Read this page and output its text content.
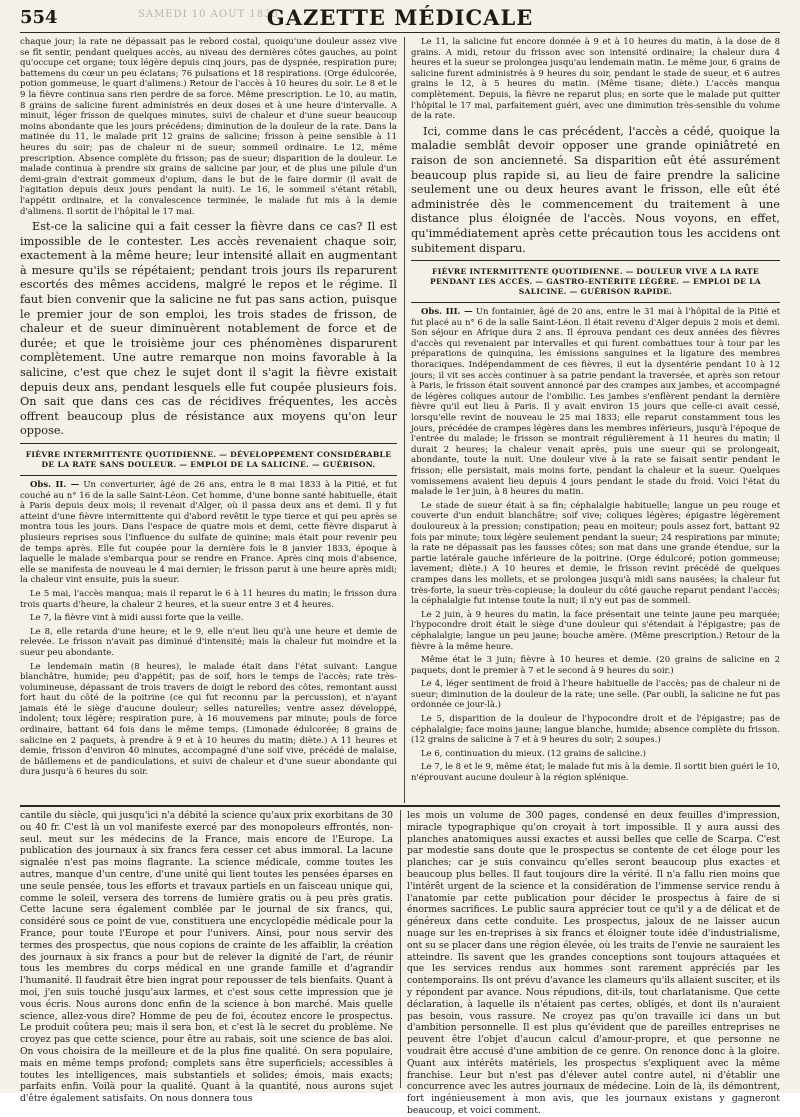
554	SAMEDI 10 AOUT 1833
GAZETTE MÉDICALE

chaque jour; la rate ne dépassait pas le rebord costal, quoiqu'une douleur assez vive se fît sentir, pendant quelques accès, au niveau des dernières côtes gauches, au point qu'occupe cet organe; toux légère depuis cinq jours, pas de dyspnée, respiration pure; battemens du cœur un peu éclatans; 76 pulsations et 18 respirations. (Orge édulcorée, potion gommeuse, le quart d'alimens.) Retour de l'accès à 10 heures du soir. Le 8 et le 9 la fièvre continua sans rien perdre de sa force. Même prescription. Le 10, au matin, 8 grains de salicine furent administrés en deux doses et à une heure d'intervalle. A minuit, léger frisson de quelques minutes, suivi de chaleur et d'une sueur beaucoup moins abondante que les jours précédens; diminution de la douleur de la rate. Dans la matinée du 11, le malade prit 12 grains de salicine; frisson à peine sensible à 11 heures du soir; pas de chaleur ni de sueur; sommeil ordinaire. Le 12, même prescription. Absence complète du frisson; pas de sueur; disparition de la douleur. Le malade continua à prendre six grains de salicine par jour, et de plus une pilule d'un demi-grain d'extrait gommeux d'opium, dans le but de le faire dormir (il avait de l'agitation depuis deux jours pendant la nuit). Le 16, le sommeil s'étant rétabli, l'appétit ordinaire, et la convalescence terminée, le malade fut mis à la demie d'alimens. Il sortit de l'hôpital le 17 mai.

Est-ce la salicine qui a fait cesser la fièvre dans ce cas? Il est impossible de le contester. Les accès revenaient chaque soir, exactement à la même heure; leur intensité allait en augmentant à mesure qu'ils se répétaient; pendant trois jours ils reparurent escortés des mêmes accidens, malgré le repos et le régime. Il faut bien convenir que la salicine ne fut pas sans action, puisque le premier jour de son emploi, les trois stades de frisson, de chaleur et de sueur diminuèrent notablement de force et de durée; et que le troisième jour ces phénomènes disparurent complètement. Une autre remarque non moins favorable à la salicine, c'est que chez le sujet dont il s'agit la fièvre existait depuis deux ans, pendant lesquels elle fut coupée plusieurs fois. On sait que dans ces cas de récidives fréquentes, les accès offrent beaucoup plus de résistance aux moyens qu'on leur oppose.

FIÈVRE INTERMITTENTE QUOTIDIENNE. — DÉVELOPPEMENT CONSIDÉRABLE DE LA RATE SANS DOULEUR. — EMPLOI DE LA SALICINE. — GUÉRISON.

Obs. II. — Un converturier, âgé de 26 ans, entra le 8 mai 1833 à la Pitié, et fut couché au n° 16 de la salle Saint-Léon. Cet homme, d'une bonne santé habituelle, était à Paris depuis deux mois; il revenait d'Alger, où il passa deux ans et demi. Il y fut atteint d'une fièvre intermittente qui d'abord revêtit le type tierce et qui peu après se montra tous les jours. Dans l'espace de quatre mois et demi, cette fièvre disparut à plusieurs reprises sous l'influence du sulfate de quinine; mais était pour revenir peu de temps après. Elle fut coupée pour la dernière fois le 8 janvier 1833, époque à laquelle le malade s'embarqua pour se rendre en France. Après cinq mois d'absence, elle se manifesta de nouveau le 4 mai dernier; le frisson parut à une heure après midi; la chaleur vint ensuite, puis la sueur.

Le 5 mai, l'accès manqua; mais il reparut le 6 à 11 heures du matin; le frisson dura trois quarts d'heure, la chaleur 2 heures, et la sueur entre 3 et 4 heures.

Le 7, la fièvre vint à midi aussi forte que la veille.

Le 8, elle retarda d'une heure; et le 9, elle n'eut lieu qu'à une heure et demie de relevée. Le frisson n'avait pas diminué d'intensité; mais la chaleur fut moindre et la sueur peu abondante.

Le lendemain matin (8 heures), le malade était dans l'état suivant: Langue blanchâtre, humide; peu d'appétit; pas de soif, hors le temps de l'accès; rate très-volumineuse, dépassant de trois travers de doigt le rebord des côtes, remontant aussi fort haut du côté de la poitrine (ce qui fut reconnu par la percussion), et n'ayant jamais été le siège d'aucune douleur; selles naturelles; ventre assez développé, indolent; toux légère; respiration pure, à 16 mouvemens par minute; pouls de force ordinaire, battant 64 fois dans le même temps. (Limonade édulcorée; 8 grains de salicine en 2 paquets, à prendre à 9 et à 10 heures du matin; diète.) A 11 heures et demie, frisson d'environ 40 minutes, accompagné d'une soif vive, précédé de malaise, de bâillemens et de pandiculations, et suivi de chaleur et d'une sueur abondante qui dura jusqu'à 6 heures du soir.

Le 11, la salicine fut encore donnée à 9 et à 10 heures du matin, à la dose de 8 grains. A midi, retour du frisson avec son intensité ordinaire; la chaleur dura 4 heures et la sueur se prolongea jusqu'au lendemain matin. Le même jour, 6 grains de salicine furent administrés à 9 heures du soir, pendant le stade de sueur, et 6 autres grains le 12, à 5 heures du matin. (Même tisane; diète.) L'accès manqua complètement. Depuis, la fièvre ne reparut plus; en sorte que le malade put quitter l'hôpital le 17 mai, parfaitement guéri, avec une diminution très-sensible du volume de la rate.

Ici, comme dans le cas précédent, l'accès a cédé, quoique la maladie semblât devoir opposer une grande opiniâtreté en raison de son ancienneté. Sa disparition eût été assurément beaucoup plus rapide si, au lieu de faire prendre la salicine seulement une ou deux heures avant le frisson, elle eût été administrée dès le commencement du traitement à une distance plus éloignée de l'accès. Nous voyons, en effet, qu'immédiatement après cette précaution tous les accidens ont subitement disparu.

FIÈVRE INTERMITTENTE QUOTIDIENNE. — DOULEUR VIVE A LA RATE PENDANT LES ACCÈS. — GASTRO-ENTÉRITE LÉGÈRE. — EMPLOI DE LA SALICINE. — GUÉRISON RAPIDE.

Obs. III. — Un fontainier, âgé de 20 ans, entre le 31 mai à l'hôpital de la Pitié et fut placé au n° 6 de la salle Saint-Léon. Il était revenu d'Alger depuis 2 mois et demi. Son séjour en Afrique dura 2 ans. Il éprouva pendant ces deux années des fièvres d'accès qui revenaient par intervalles et qui furent combattues tour à tour par les préparations de quinquina, les émissions sanguines et la ligature des membres thoraciques. Indépendamment de ces fièvres, il eut la dysentérie pendant 10 à 12 jours; il vit ses accès continuer à sa patrie pendant la traversée, et après son retour à Paris, le frisson était souvent annoncé par des crampes aux jambes, et accompagné de légères coliques autour de l'ombilic. Les jambes s'enflèrent pendant la dernière fièvre qu'il eut lieu à Paris. Il y avait environ 15 jours que celle-ci avait cessé, lorsqu'elle revint de nouveau le 25 mai 1833; elle reparut constamment tous les jours, précédée de crampes légères dans les membres inférieurs, jusqu'à l'époque de l'entrée du malade; le frisson se montrait régulièrement à 11 heures du matin; il durait 2 heures; la chaleur venait après, puis une sueur qui se prolongeait, abondante, toute la nuit. Une douleur vive à la rate se faisait sentir pendant le frisson; elle persistait, mais moins forte, pendant la chaleur et la sueur. Quelques vomissemens avaient lieu depuis 4 jours pendant le stade du froid. Voici l'état du malade le 1er juin, à 8 heures du matin.

Le stade de sueur était à sa fin; céphalalgie habituelle; langue un peu rouge et couverte d'un enduit blanchâtre; soif vive; coliques légères; épigastre légèrement douloureux à la pression; constipation; peau en moiteur; pouls assez fort, battant 92 fois par minute; toux légère seulement pendant la sueur; 24 respirations par minute; la rate ne dépassait pas les fausses côtes; son mat dans une grande étendue, sur la partie latérale gauche inférieure de la poitrine. (Orge édulcoré; potion gommeuse; lavement; diète.) A 10 heures et demie, le frisson revint précédé de quelques crampes dans les mollets, et se prolongea jusqu'à midi sans nausées; la chaleur fut très-forte, la sueur très-copieuse; la douleur du côté gauche reparut pendant l'accès; la céphalalgie fut intense toute la nuit; il n'y eut pas de sommeil.

Le 2 juin, à 9 heures du matin, la face présentait une teinte jaune peu marquée; l'hypocondre droit était le siège d'une douleur qui s'étendait à l'épigastre; pas de céphalalgie; langue un peu jaune; bouche amère. (Même prescription.) Retour de la fièvre à la même heure.

Même état le 3 juin; fièvre à 10 heures et demie. (20 grains de salicine en 2 paquets, dont le premier à 7 et le second à 9 heures du soir.)

Le 4, léger sentiment de froid à l'heure habituelle de l'accès; pas de chaleur ni de sueur; diminution de la douleur de la rate; une selle. (Par oubli, la salicine ne fut pas ordonnée ce jour-là.)

Le 5, disparition de la douleur de l'hypocondre droit et de l'épigastre; pas de céphalalgie; face moins jaune; langue blanche, humide; absence complète du frisson. (12 grains de salicine à 7 et à 9 heures du soir; 2 soupes.)

Le 6, continuation du mieux. (12 grains de salicine.)

Le 7, le 8 et le 9, même état; le malade fut mis à la demie. Il sortit bien guéri le 10, n'éprouvant aucune douleur à la région splénique.

cantile du siècle, qui jusqu'ici n'a débité la science qu'aux prix exorbitans de 30 ou 40 fr. C'est là un vol manifeste exercé par des monopoleurs effrontés, non-seul. meut sur les médecins de la France, mais encore de l'Europe. La publication des journaux à six francs fera cesser cet abus immoral. La lacune signalée n'est pas moins flagrante. La science médicale, comme toutes les autres, manque d'un centre, d'une unité qui lient toutes les pensées éparses en une seule pensée, tous les efforts et travaux partiels en un faisceau unique qui, comme le soleil, versera des torrens de lumière gratis ou à peu près gratis. Cette lacune sera également comblée par le journal de six francs, qui, considéré sous ce point de vue, constituera une encyclopédie médicale pour la France, pour toute l'Europe et pour l'univers. Ainsi, pour nous servir des termes des prospectus, que nous copions de crainte de les affaiblir, la création des journaux à six francs a pour but de relever la dignité de l'art, de réunir tous les membres du corps médical en une grande famille et d'agrandir l'humanité. Il faudrait être bien ingrat pour repousser de tels bienfaits. Quant à moi, j'en suis touché jusqu'aux larmes, et c'est sous cette impression que je vous écris. Nous aurons donc enfin de la science à bon marché. Mais quelle science, allez-vous dire? Homme de peu de foi, écoutez encore le prospectus. Le produit coûtera peu; mais il sera bon, et c'est là le secret du problème. Ne croyez pas que cette science, pour être au rabais, soit une science de bas aloi. On vous choisira de la meilleure et de la plus fine qualité. On sera populaire, mais en même temps profond; complets sans être superficiels; accessibles à toutes les intelligences, mais substantiels et solides; émois, mais exacts; parfaits enfin. Voilà pour la qualité. Quant à la quantité, nous aurons sujet d'être également satisfaits. On nous donnera tous

les mois un volume de 300 pages, condensé en deux feuilles d'impression, miracle typographique qu'on croyait à tort impossible. Il y aura aussi des planches anatomiques aussi exactes et aussi belles que celle de Scarpa. C'est par modestie sans doute que le prospectus se contente de cet éloge pour les planches; car je suis convaincu qu'elles seront beaucoup plus exactes et beaucoup plus belles. Il faut toujours dire la vérité. Il n'a fallu rien moins que l'intérêt urgent de la science et la considération de l'immense service rendu à l'anatomie par cette publication pour décider le prospectus à faire de si énormes sacrifices. Le public saura apprécier tout ce qu'il y a de délicat et de généreux dans cette conduite. Les prospectus, jaloux de ne laisser aucun nuage sur les en-treprises à six francs et éloigner toute idée d'industrialisme, ont su se placer dans une région élevée, où les traits de l'envie ne sauraient les atteindre. Ils savent que les grandes conceptions sont toujours attaquées et que les services rendus aux hommes sont rarement appréciés par les contemporains. Ils ont prévu d'avance les clameurs qu'ils allaient susciter, et ils y répondent par avance. Nous répudions, dit-ils, tout charlatanisme. Que cette déclaration, à laquelle ils n'étaient pas certes, obligés, et dont ils n'auraient pas besoin, vous rassure. Ne croyez pas qu'on travaille ici dans un but d'ambition personnelle. Il est plus qu'évident que de pareilles entreprises ne peuvent être l'objet d'aucun calcul d'amour-propre, et que personne ne voudrait être accusé d'une ambition de ce genre. On renonce donc à la gloire. Quant aux intérêts matériels, les prospectus s'expliquent avec la même franchise. Leur but n'est pas d'élever autel contre autel, ni d'établir une concurrence avec les autres journaux de médecine. Loin de là, ils démontrent, fort ingénieusement à mon avis, que les journaux existans y gagneront beaucoup, et voici comment.
